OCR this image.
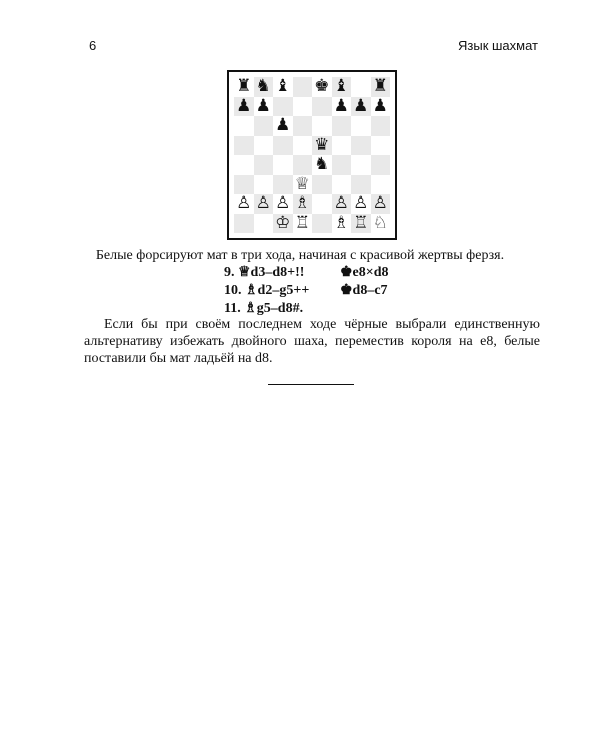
6	Язык шахмат
♜ ♞ ♝ ♚ ♝ ♜
♟ ♟	♟ ♟ ♟
♟
♛
♞
♕
♙ ♙ ♙ ♗ ♙ ♙ ♙
♔ ♖ ♗ ♖ ♘
Белые форсируют мат в три хода, начиная с красивой жертвы ферзя.
9. ♕d3–d8+!!	♚e8×d8
10. ♗d2–g5++	♚d8–c7
11. ♗g5–d8#.
Если бы при своём последнем ходе чёрные выбрали единственную
альтернативу избежать двойного шаха, переместив короля на e8, белые
поставили бы мат ладьёй на d8.
